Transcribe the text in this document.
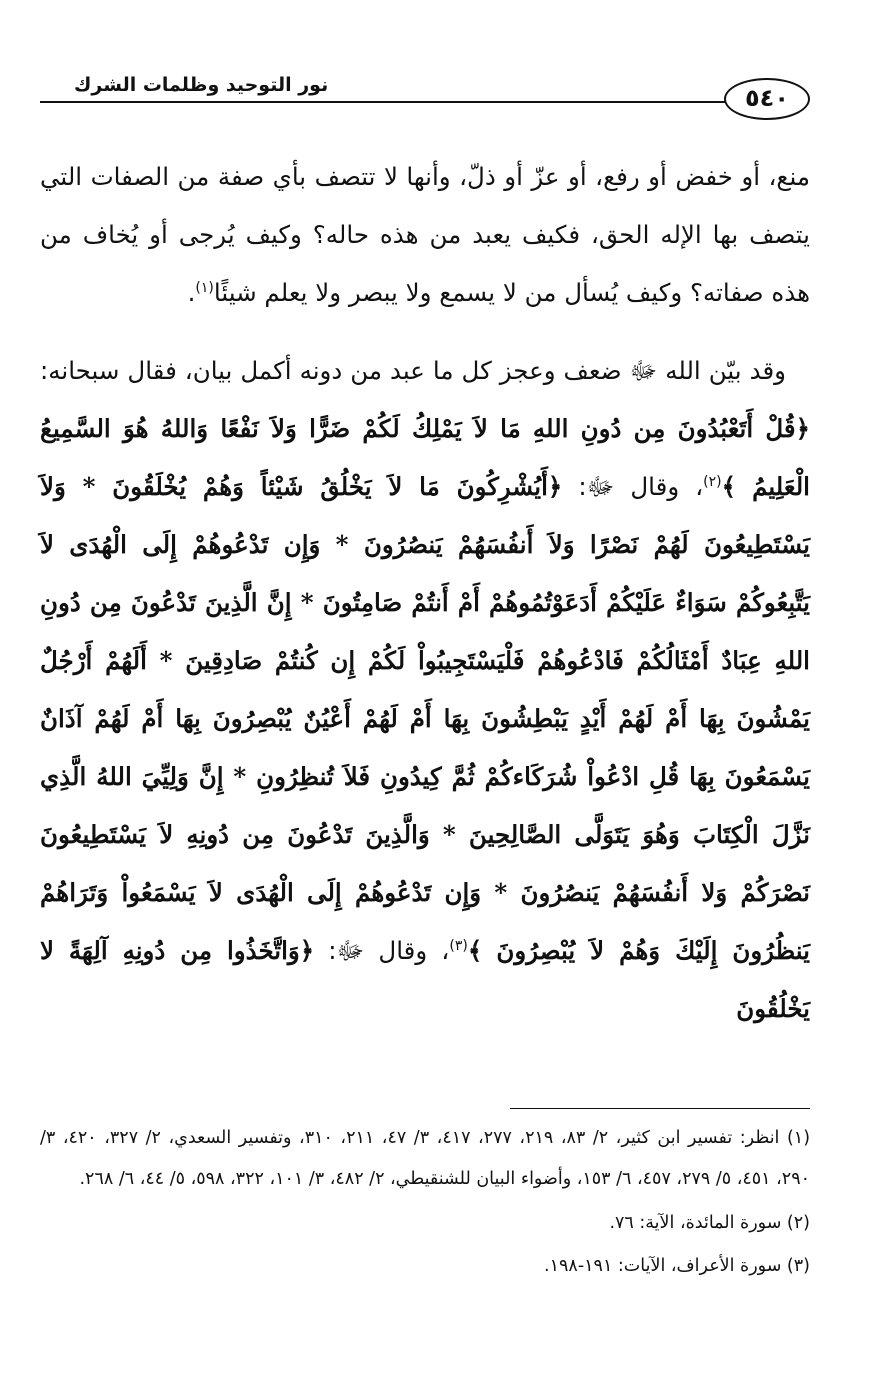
نور التوحيد وظلمات الشرك	٥٤٠

منع، أو خفض أو رفع، أو عزّ أو ذلّ، وأنها لا تتصف بأي صفة من الصفات التي يتصف بها الإله الحق، فكيف يعبد من هذه حاله؟ وكيف يُرجى أو يُخاف من هذه صفاته؟ وكيف يُسأل من لا يسمع ولا يبصر ولا يعلم شيئًا$^{(١)}$.

وقد بيّن الله ﷻ ضعف وعجز كل ما عبد من دونه أكمل بيان، فقال سبحانه: ﴿قُلْ أَتَعْبُدُونَ مِن دُونِ اللهِ مَا لاَ يَمْلِكُ لَكُمْ ضَرًّا وَلاَ نَفْعًا وَاللهُ هُوَ السَّمِيعُ الْعَلِيمُ ﴾$^{(٢)}$، وقال ﷻ: ﴿أَيُشْرِكُونَ مَا لاَ يَخْلُقُ شَيْئاً وَهُمْ يُخْلَقُونَ * وَلاَ يَسْتَطِيعُونَ لَهُمْ نَصْرًا وَلاَ أَنفُسَهُمْ يَنصُرُونَ * وَإِن تَدْعُوهُمْ إِلَى الْهُدَى لاَ يَتَّبِعُوكُمْ سَوَاءٌ عَلَيْكُمْ أَدَعَوْتُمُوهُمْ أَمْ أَنتُمْ صَامِتُونَ * إِنَّ الَّذِينَ تَدْعُونَ مِن دُونِ اللهِ عِبَادٌ أَمْثَالُكُمْ فَادْعُوهُمْ فَلْيَسْتَجِيبُواْ لَكُمْ إِن كُنتُمْ صَادِقِينَ * أَلَهُمْ أَرْجُلٌ يَمْشُونَ بِهَا أَمْ لَهُمْ أَيْدٍ يَبْطِشُونَ بِهَا أَمْ لَهُمْ أَعْيُنٌ يُبْصِرُونَ بِهَا أَمْ لَهُمْ آذَانٌ يَسْمَعُونَ بِهَا قُلِ ادْعُواْ شُرَكَاءكُمْ ثُمَّ كِيدُونِ فَلاَ تُنظِرُونِ * إِنَّ وَلِيِّيَ اللهُ الَّذِي نَزَّلَ الْكِتَابَ وَهُوَ يَتَوَلَّى الصَّالِحِينَ * وَالَّذِينَ تَدْعُونَ مِن دُونِهِ لاَ يَسْتَطِيعُونَ نَصْرَكُمْ وَلا أَنفُسَهُمْ يَنصُرُونَ * وَإِن تَدْعُوهُمْ إِلَى الْهُدَى لاَ يَسْمَعُواْ وَتَرَاهُمْ يَنظُرُونَ إِلَيْكَ وَهُمْ لاَ يُبْصِرُونَ ﴾$^{(٣)}$، وقال ﷻ: ﴿وَاتَّخَذُوا مِن دُونِهِ آلِهَةً لا يَخْلُقُونَ

(١) انظر: تفسير ابن كثير، ٢/ ٨٣، ٢١٩، ٢٧٧، ٤١٧، ٣/ ٤٧، ٢١١، ٣١٠، وتفسير السعدي، ٢/ ٣٢٧، ٤٢٠، ٣/ ٢٩٠، ٤٥١، ٥/ ٢٧٩، ٤٥٧، ٦/ ١٥٣، وأضواء البيان للشنقيطي، ٢/ ٤٨٢، ٣/ ١٠١، ٣٢٢، ٥٩٨، ٥/ ٤٤، ٦/ ٢٦٨.

(٢) سورة المائدة، الآية: ٧٦.

(٣) سورة الأعراف، الآيات: ١٩١-١٩٨.
